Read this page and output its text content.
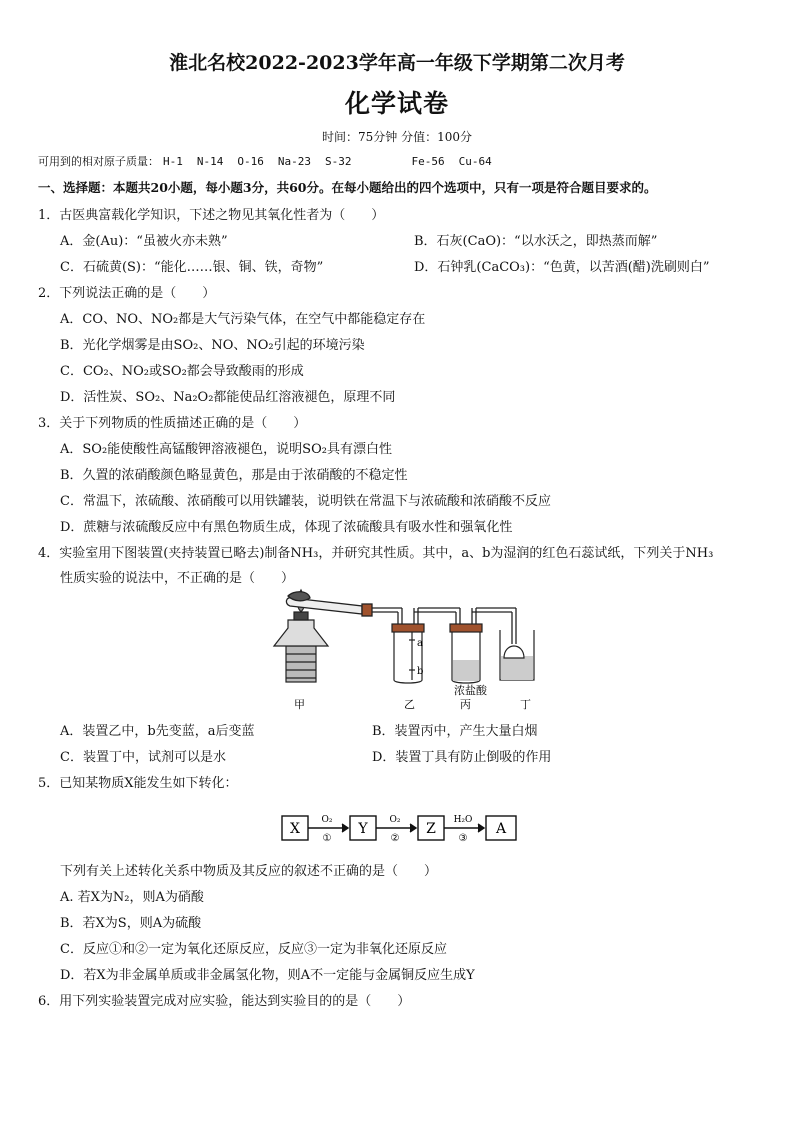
淮北名校2022-2023学年高一年级下学期第二次月考
化学试卷
时间：75分钟 分值：100分
可用到的相对原子质量： H-1 N-14 O-16 Na-23 S-32	Fe-56 Cu-64
一、选择题：本题共20小题，每小题3分，共60分。在每小题给出的四个选项中，只有一项是符合题目要求的。
1．古医典富载化学知识，下述之物见其氧化性者为（　　）
A．金(Au)：“虽被火亦未熟”	B．石灰(CaO)：“以水沃之，即热蒸而解”
C．石硫黄(S)：“能化……银、铜、铁，奇物”	D．石钟乳(CaCO₃)：“色黄，以苦酒(醋)洗刷则白”
2．下列说法正确的是（　　）
A．CO、NO、NO₂都是大气污染气体，在空气中都能稳定存在
B．光化学烟雾是由SO₂、NO、NO₂引起的环境污染
C．CO₂、NO₂或SO₂都会导致酸雨的形成
D．活性炭、SO₂、Na₂O₂都能使品红溶液褪色，原理不同
3．关于下列物质的性质描述正确的是（　　）
A．SO₂能使酸性高锰酸钾溶液褪色，说明SO₂具有漂白性
B．久置的浓硝酸颜色略显黄色，那是由于浓硝酸的不稳定性
C．常温下，浓硫酸、浓硝酸可以用铁罐装，说明铁在常温下与浓硫酸和浓硝酸不反应
D．蔗糖与浓硫酸反应中有黑色物质生成，体现了浓硫酸具有吸水性和强氧化性
4．实验室用下图装置(夹持装置已略去)制备NH₃，并研究其性质。其中，a、b为湿润的红色石蕊试纸，下列关于NH₃
性质实验的说法中，不正确的是（　　）
a
b
浓盐酸
甲	乙	丙	丁
A．装置乙中，b先变蓝，a后变蓝	B．装置丙中，产生大量白烟
C．装置丁中，试剂可以是水	D．装置丁具有防止倒吸的作用
5．已知某物质X能发生如下转化：
X	Y	Z	A
O₂	O₂	H₂O
①	②	③
下列有关上述转化关系中物质及其反应的叙述不正确的是（　　）
A. 若X为N₂，则A为硝酸
B．若X为S，则A为硫酸
C．反应①和②一定为氧化还原反应，反应③一定为非氧化还原反应
D．若X为非金属单质或非金属氢化物，则A不一定能与金属铜反应生成Y
6．用下列实验装置完成对应实验，能达到实验目的的是（　　）
